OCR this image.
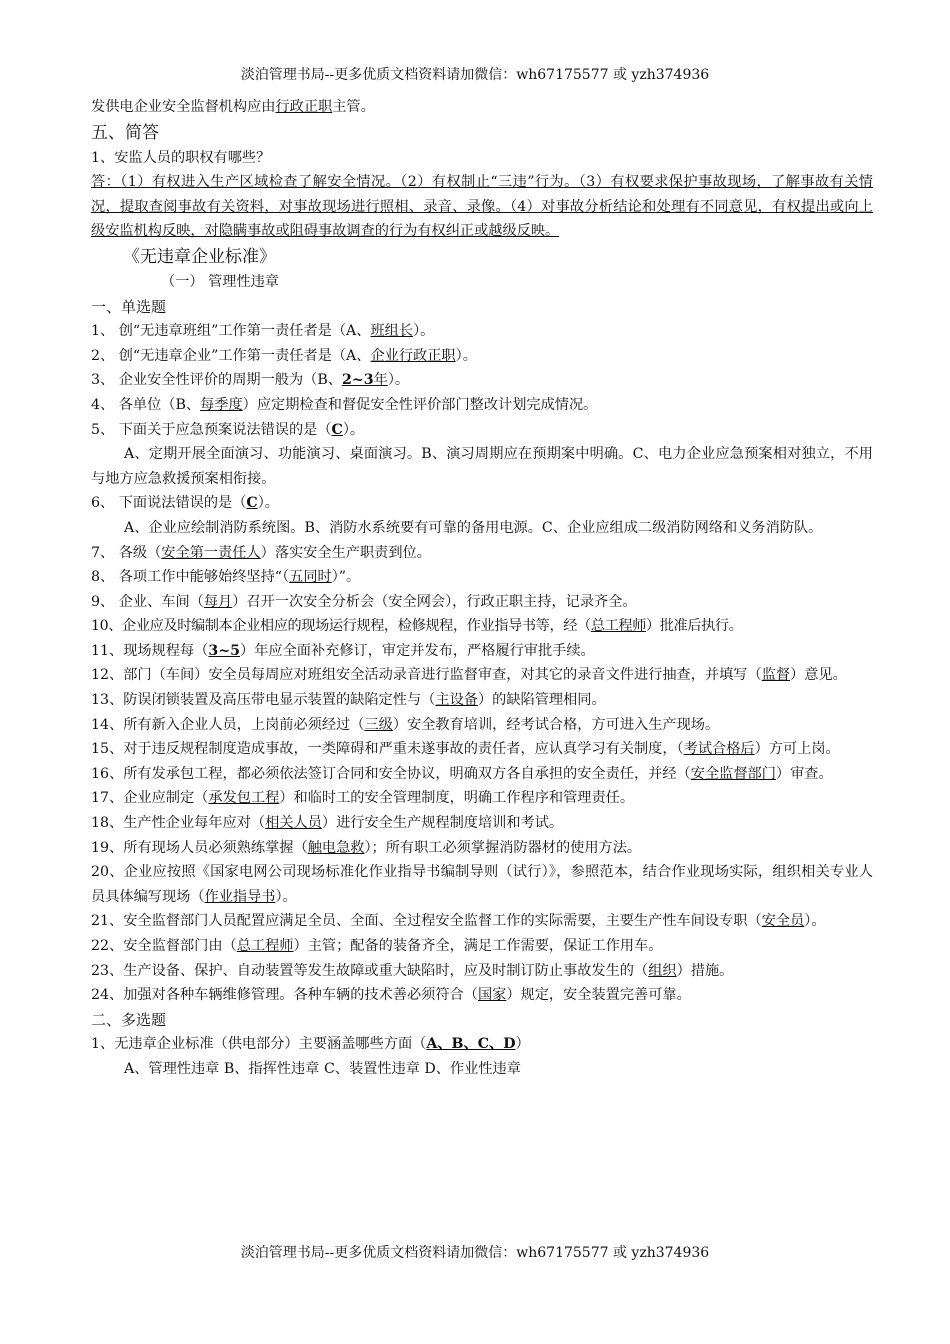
淡泊管理书局--更多优质文档资料请加微信：wh67175577 或 yzh374936
发供电企业安全监督机构应由行政正职主管。
五、简答
1、安监人员的职权有哪些？
答：（1）有权进入生产区域检查了解安全情况。（2）有权制止“三违”行为。（3）有权要求保护事故现场，了解事故有关情况，提取查阅事故有关资料，对事故现场进行照相、录音、录像。（4）对事故分析结论和处理有不同意见，有权提出或向上级安监机构反映，对隐瞒事故或阻碍事故调查的行为有权纠正或越级反映。
《无违章企业标准》
（一） 管理性违章
一、单选题
1、 创“无违章班组”工作第一责任者是（A、班组长）。
2、 创“无违章企业”工作第一责任者是（A、企业行政正职）。
3、 企业安全性评价的周期一般为（B、2~3年）。
4、 各单位（B、每季度）应定期检查和督促安全性评价部门整改计划完成情况。
5、 下面关于应急预案说法错误的是（C）。
A、定期开展全面演习、功能演习、桌面演习。B、演习周期应在预期案中明确。C、电力企业应急预案相对独立，不用与地方应急救援预案相衔接。
6、 下面说法错误的是（C）。
A、企业应绘制消防系统图。B、消防水系统要有可靠的备用电源。C、企业应组成二级消防网络和义务消防队。
7、 各级（安全第一责任人）落实安全生产职责到位。
8、 各项工作中能够始终坚持“（五同时）”。
9、 企业、车间（每月）召开一次安全分析会（安全网会），行政正职主持，记录齐全。
10、企业应及时编制本企业相应的现场运行规程，检修规程，作业指导书等，经（总工程师）批准后执行。
11、现场规程每（3~5）年应全面补充修订，审定并发布，严格履行审批手续。
12、部门（车间）安全员每周应对班组安全活动录音进行监督审查，对其它的录音文件进行抽查，并填写（监督）意见。
13、防误闭锁装置及高压带电显示装置的缺陷定性与（主设备）的缺陷管理相同。
14、所有新入企业人员，上岗前必须经过（三级）安全教育培训，经考试合格，方可进入生产现场。
15、对于违反规程制度造成事故，一类障碍和严重未遂事故的责任者，应认真学习有关制度，（考试合格后）方可上岗。
16、所有发承包工程，都必须依法签订合同和安全协议，明确双方各自承担的安全责任，并经（安全监督部门）审查。
17、企业应制定（承发包工程）和临时工的安全管理制度，明确工作程序和管理责任。
18、生产性企业每年应对（相关人员）进行安全生产规程制度培训和考试。
19、所有现场人员必须熟练掌握（触电急救）；所有职工必须掌握消防器材的使用方法。
20、企业应按照《国家电网公司现场标准化作业指导书编制导则（试行）》，参照范本，结合作业现场实际，组织相关专业人员具体编写现场（作业指导书）。
21、安全监督部门人员配置应满足全员、全面、全过程安全监督工作的实际需要，主要生产性车间设专职（安全员）。
22、安全监督部门由（总工程师）主管；配备的装备齐全，满足工作需要，保证工作用车。
23、生产设备、保护、自动装置等发生故障或重大缺陷时，应及时制订防止事故发生的（组织）措施。
24、加强对各种车辆维修管理。各种车辆的技术善必须符合（国家）规定，安全装置完善可靠。
二、多选题
1、无违章企业标准（供电部分）主要涵盖哪些方面（A、B、C、D）
A、管理性违章 B、指挥性违章 C、装置性违章 D、作业性违章
淡泊管理书局--更多优质文档资料请加微信：wh67175577 或 yzh374936
